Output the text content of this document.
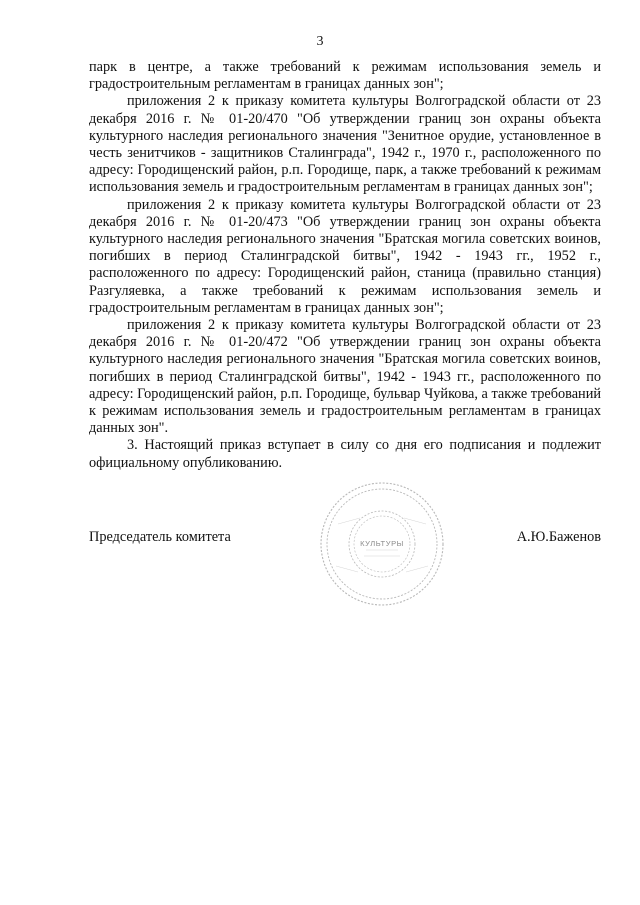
3

парк в центре, а также требований к режимам использования земель и градостроительным регламентам в границах данных зон";

приложения 2 к приказу комитета культуры Волгоградской области от 23 декабря 2016 г. № 01-20/470 "Об утверждении границ зон охраны объекта культурного наследия регионального значения "Зенитное орудие, установленное в честь зенитчиков - защитников Сталинграда", 1942 г., 1970 г., расположенного по адресу: Городищенский район, р.п. Городище, парк, а также требований к режимам использования земель и градостроительным регламентам в границах данных зон";

приложения 2 к приказу комитета культуры Волгоградской области от 23 декабря 2016 г. № 01-20/473 "Об утверждении границ зон охраны объекта культурного наследия регионального значения "Братская могила советских воинов, погибших в период Сталинградской битвы", 1942 - 1943 гг., 1952 г., расположенного по адресу: Городищенский район, станица (правильно станция) Разгуляевка, а также требований к режимам использования земель и градостроительным регламентам в границах данных зон";

приложения 2 к приказу комитета культуры Волгоградской области от 23 декабря 2016 г. № 01-20/472 "Об утверждении границ зон охраны объекта культурного наследия регионального значения "Братская могила советских воинов, погибших в период Сталинградской битвы", 1942 - 1943 гг., расположенного по адресу: Городищенский район, р.п. Городище, бульвар Чуйкова, а также требований к режимам использования земель и градостроительным регламентам в границах данных зон".

3. Настоящий приказ вступает в силу со дня его подписания и подлежит официальному опубликованию.

Председатель комитета	А.Ю.Баженов
КУЛЬТУРЫ
